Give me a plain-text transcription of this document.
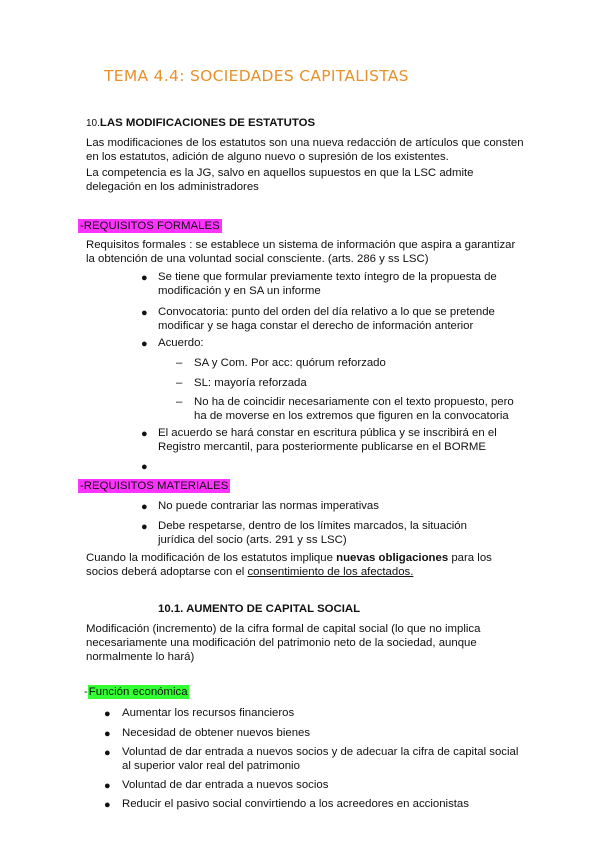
TEMA 4.4: SOCIEDADES CAPITALISTAS
10.LAS MODIFICACIONES DE ESTATUTOS
Las modificaciones de los estatutos son una nueva redacción de artículos que consten en los estatutos, adición de alguno nuevo o supresión de los existentes.
La competencia es la JG, salvo en aquellos supuestos en que la LSC admite delegación en los administradores
-REQUISITOS FORMALES
Requisitos formales : se establece un sistema de información que aspira a garantizar la obtención de una voluntad social consciente. (arts. 286 y ss LSC)
● Se tiene que formular previamente texto íntegro de la propuesta de modificación y en SA un informe
● Convocatoria: punto del orden del día relativo a lo que se pretende modificar y se haga constar el derecho de información anterior
● Acuerdo:
– SA y Com. Por acc: quórum reforzado
– SL: mayoría reforzada
– No ha de coincidir necesariamente con el texto propuesto, pero ha de moverse en los extremos que figuren en la convocatoria
● El acuerdo se hará constar en escritura pública y se inscribirá en el Registro mercantil, para posteriormente publicarse en el BORME
●
-REQUISITOS MATERIALES
● No puede contrariar las normas imperativas
● Debe respetarse, dentro de los límites marcados, la situación jurídica del socio (arts. 291 y ss LSC)
Cuando la modificación de los estatutos implique nuevas obligaciones para los socios deberá adoptarse con el consentimiento de los afectados.
10.1. AUMENTO DE CAPITAL SOCIAL
Modificación (incremento) de la cifra formal de capital social (lo que no implica necesariamente una modificación del patrimonio neto de la sociedad, aunque normalmente lo hará)
-Función económica
● Aumentar los recursos financieros
● Necesidad de obtener nuevos bienes
● Voluntad de dar entrada a nuevos socios y de adecuar la cifra de capital social al superior valor real del patrimonio
● Voluntad de dar entrada a nuevos socios
● Reducir el pasivo social convirtiendo a los acreedores en accionistas
